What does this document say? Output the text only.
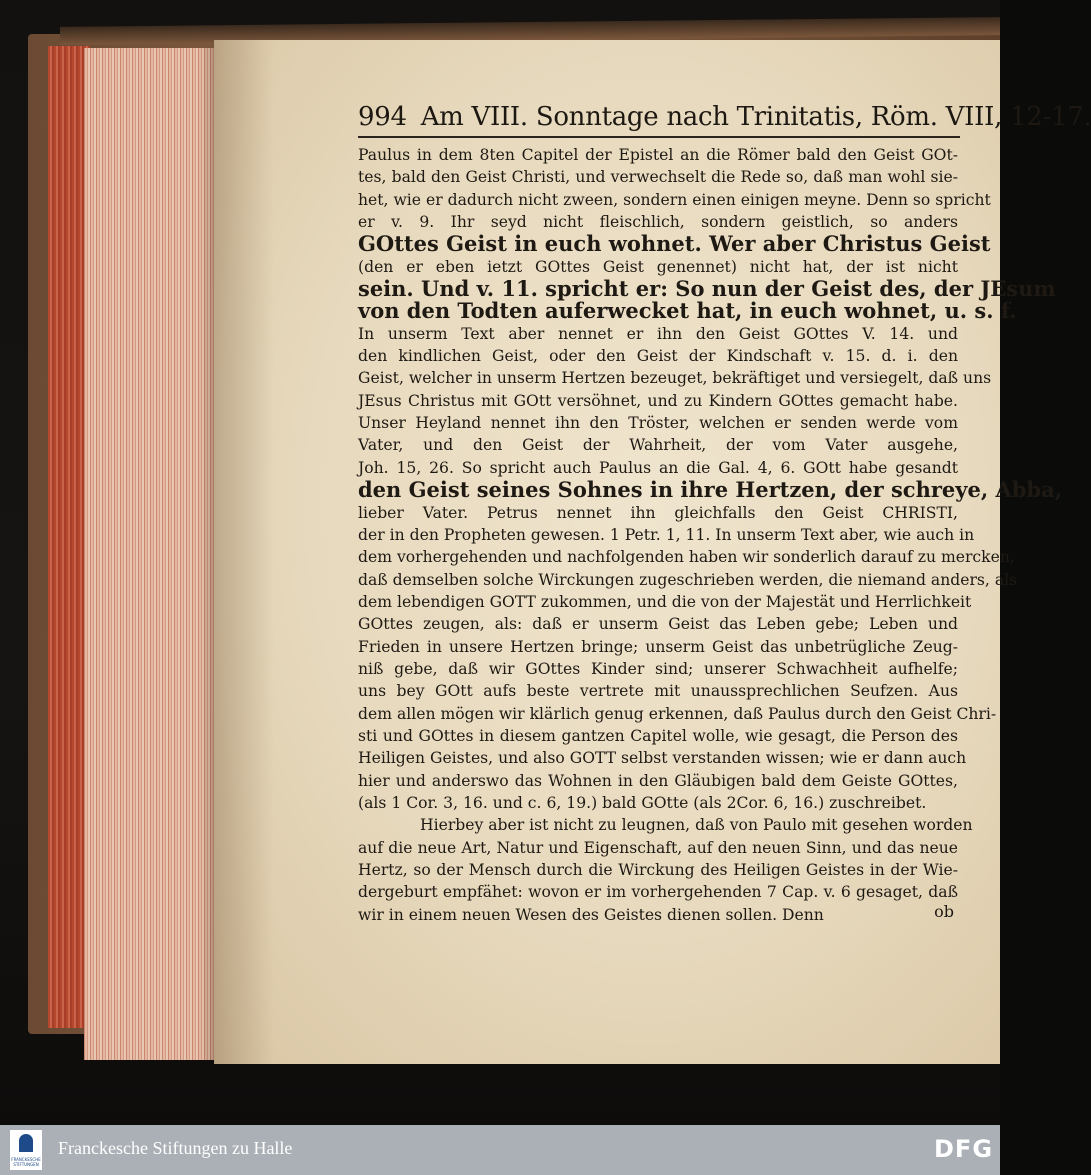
994 Am VIII. Sonntage nach Trinitatis, Röm. VIII, 12-17.
Paulus in dem 8ten Capitel der Epistel an die Römer bald den Geist GOt-
tes, bald den Geist Christi, und verwechselt die Rede so, daß man wohl sie-
het, wie er dadurch nicht zween, sondern einen einigen meyne. Denn so spricht
er v. 9. Ihr seyd nicht fleischlich, sondern geistlich, so anders
GOttes Geist in euch wohnet. Wer aber Christus Geist
(den er eben ietzt GOttes Geist genennet) nicht hat, der ist nicht
sein. Und v. 11. spricht er: So nun der Geist des, der JEsum
von den Todten auferwecket hat, in euch wohnet, u. s. f.
In unserm Text aber nennet er ihn den Geist GOttes V. 14. und
den kindlichen Geist, oder den Geist der Kindschaft v. 15. d. i. den
Geist, welcher in unserm Hertzen bezeuget, bekräftiget und versiegelt, daß uns
JEsus Christus mit GOtt versöhnet, und zu Kindern GOttes gemacht habe.
Unser Heyland nennet ihn den Tröster, welchen er senden werde vom
Vater, und den Geist der Wahrheit, der vom Vater ausgehe,
Joh. 15, 26. So spricht auch Paulus an die Gal. 4, 6. GOtt habe gesandt
den Geist seines Sohnes in ihre Hertzen, der schreye, Abba,
lieber Vater. Petrus nennet ihn gleichfalls den Geist CHRISTI,
der in den Propheten gewesen. 1 Petr. 1, 11. In unserm Text aber, wie auch in
dem vorhergehenden und nachfolgenden haben wir sonderlich darauf zu mercken,
daß demselben solche Wirckungen zugeschrieben werden, die niemand anders, als
dem lebendigen GOTT zukommen, und die von der Majestät und Herrlichkeit
GOttes zeugen, als: daß er unserm Geist das Leben gebe; Leben und
Frieden in unsere Hertzen bringe; unserm Geist das unbetrügliche Zeug-
niß gebe, daß wir GOttes Kinder sind; unserer Schwachheit aufhelfe;
uns bey GOtt aufs beste vertrete mit unaussprechlichen Seufzen. Aus
dem allen mögen wir klärlich genug erkennen, daß Paulus durch den Geist Chri-
sti und GOttes in diesem gantzen Capitel wolle, wie gesagt, die Person des
Heiligen Geistes, und also GOTT selbst verstanden wissen; wie er dann auch
hier und anderswo das Wohnen in den Gläubigen bald dem Geiste GOttes,
(als 1 Cor. 3, 16. und c. 6, 19.) bald GOtte (als 2Cor. 6, 16.) zuschreibet.
Hierbey aber ist nicht zu leugnen, daß von Paulo mit gesehen worden
auf die neue Art, Natur und Eigenschaft, auf den neuen Sinn, und das neue
Hertz, so der Mensch durch die Wirckung des Heiligen Geistes in der Wie-
dergeburt empfähet: wovon er im vorhergehenden 7 Cap. v. 6 gesaget, daß
wir in einem neuen Wesen des Geistes dienen sollen. Denn	ob
FRANCKESCHE STIFTUNGEN
Franckesche Stiftungen zu Halle	DFG
